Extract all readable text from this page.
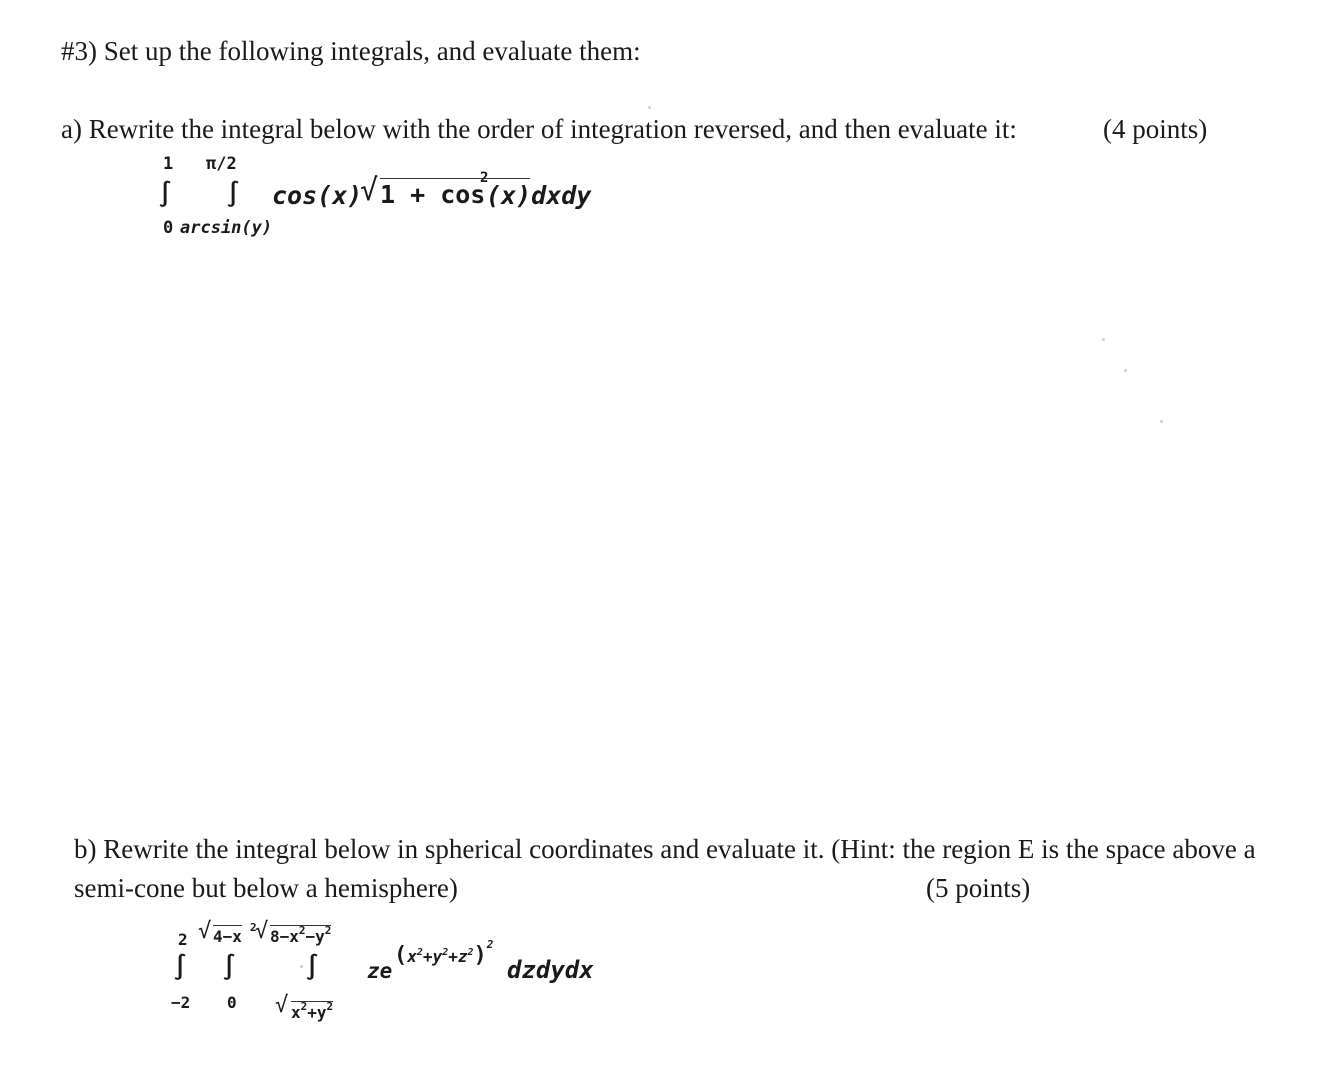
#3) Set up the following integrals, and evaluate them:
a) Rewrite the integral below with the order of integration reversed, and then evaluate it:	(4 points)
1
∫
0
π/2
∫
arcsin(y)
cos(x)
√ 1 + cos
2
(x)dxdy
b) Rewrite the integral below in spherical coordinates and evaluate it. (Hint: the region E is the space above a
semi-cone but below a hemisphere)	(5 points)
2
∫
−2
√ 4−x 2
∫
0
√ $8-x^2-y^2$
∫
√ $x^2+y^2$
ze
$(x^2+y^2+z^2)^2$
dzdydx
